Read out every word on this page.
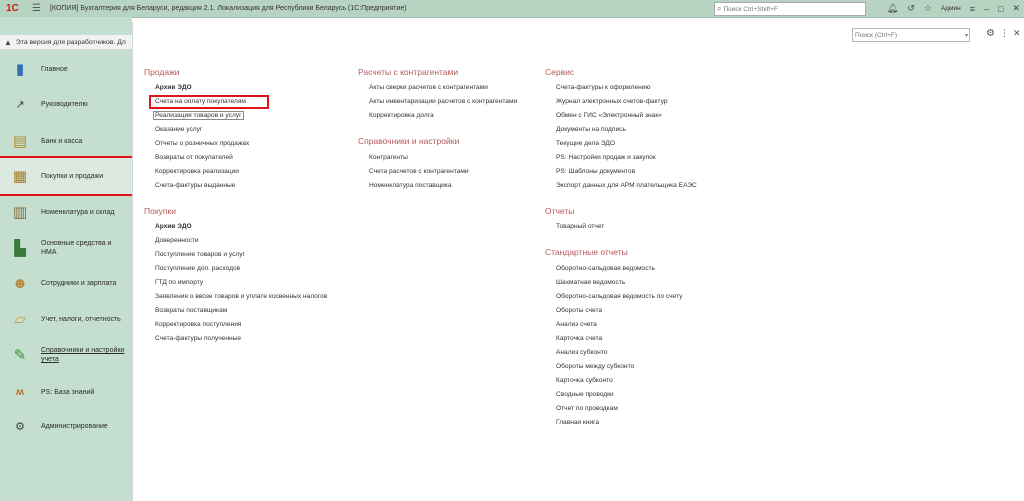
1С	☰	[КОПИЯ] Бухгалтерия для Беларуси, редакция 2.1. Локализация для Республики Беларусь (1С:Предприятие)	⌕
Поиск Ctrl+Shift+F	🔔︎ ↺ ☆ Админ ≡ – □ ✕
▲ Эта версия для разработчиков. Дл
▮	Главное
↗	Руководителю
▤	Банк и касса
▦	Покупки и продажи
▥	Номенклатура и склад
▙	Основные средства и НМА
☻	Сотрудники и зарплата
▱	Учет, налоги, отчетность
✎	Справочники и настройки учета
ʍ	PS: База знаний
⚙	Администрирование
Поиск (Ctrl+F)
▾ ⚙ ⋮ ✕
Продажи
Архив ЭДО
Счета на оплату покупателям
Реализация товаров и услуг
Оказание услуг
Отчеты о розничных продажах
Возвраты от покупателей
Корректировка реализации
Счета-фактуры выданные
Покупки
Архив ЭДО
Доверенности
Поступление товаров и услуг
Поступление доп. расходов
ГТД по импорту
Заявления о ввозе товаров и уплате косвенных налогов
Возвраты поставщикам
Корректировка поступления
Счета-фактуры полученные
Расчеты с контрагентами
Акты сверки расчетов с контрагентами
Акты инвентаризации расчетов с контрагентами
Корректировка долга
Справочники и настройки
Контрагенты
Счета расчетов с контрагентами
Номенклатура поставщика
Сервис
Счета-фактуры к оформлению
Журнал электронных счетов-фактур
Обмен с ГИС «Электронный знак»
Документы на подпись
Текущие дела ЭДО
PS: Настройки продаж и закупок
PS: Шаблоны документов
Экспорт данных для АРМ плательщика ЕАЭС
Отчеты
Товарный отчет
Стандартные отчеты
Оборотно-сальдовая ведомость
Шахматная ведомость
Оборотно-сальдовая ведомость по счету
Обороты счета
Анализ счета
Карточка счета
Анализ субконто
Обороты между субконто
Карточка субконто
Сводные проводки
Отчет по проводкам
Главная книга
